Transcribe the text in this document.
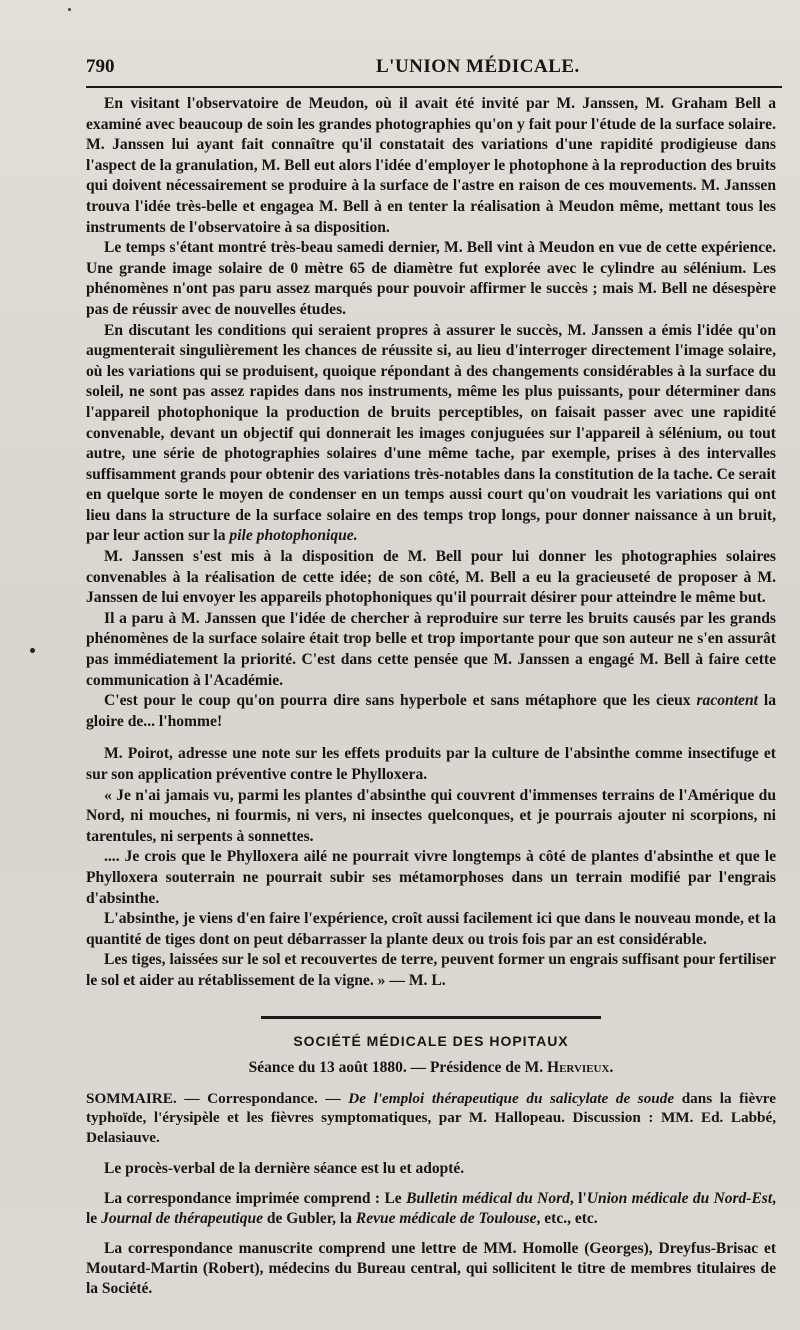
790	L'UNION MÉDICALE.

En visitant l'observatoire de Meudon, où il avait été invité par M. Janssen, M. Graham Bell a examiné avec beaucoup de soin les grandes photographies qu'on y fait pour l'étude de la surface solaire. M. Janssen lui ayant fait connaître qu'il constatait des variations d'une rapidité prodigieuse dans l'aspect de la granulation, M. Bell eut alors l'idée d'employer le photophone à la reproduction des bruits qui doivent nécessairement se produire à la surface de l'astre en raison de ces mouvements. M. Janssen trouva l'idée très-belle et engagea M. Bell à en tenter la réalisation à Meudon même, mettant tous les instruments de l'observatoire à sa disposition.

Le temps s'étant montré très-beau samedi dernier, M. Bell vint à Meudon en vue de cette expérience. Une grande image solaire de 0 mètre 65 de diamètre fut explorée avec le cylindre au sélénium. Les phénomènes n'ont pas paru assez marqués pour pouvoir affirmer le succès ; mais M. Bell ne désespère pas de réussir avec de nouvelles études.

En discutant les conditions qui seraient propres à assurer le succès, M. Janssen a émis l'idée qu'on augmenterait singulièrement les chances de réussite si, au lieu d'interroger directement l'image solaire, où les variations qui se produisent, quoique répondant à des changements considérables à la surface du soleil, ne sont pas assez rapides dans nos instruments, même les plus puissants, pour déterminer dans l'appareil photophonique la production de bruits perceptibles, on faisait passer avec une rapidité convenable, devant un objectif qui donnerait les images conjuguées sur l'appareil à sélénium, ou tout autre, une série de photographies solaires d'une même tache, par exemple, prises à des intervalles suffisamment grands pour obtenir des variations très-notables dans la constitution de la tache. Ce serait en quelque sorte le moyen de condenser en un temps aussi court qu'on voudrait les variations qui ont lieu dans la structure de la surface solaire en des temps trop longs, pour donner naissance à un bruit, par leur action sur la pile photophonique.

M. Janssen s'est mis à la disposition de M. Bell pour lui donner les photographies solaires convenables à la réalisation de cette idée; de son côté, M. Bell a eu la gracieuseté de proposer à M. Janssen de lui envoyer les appareils photophoniques qu'il pourrait désirer pour atteindre le même but.

Il a paru à M. Janssen que l'idée de chercher à reproduire sur terre les bruits causés par les grands phénomènes de la surface solaire était trop belle et trop importante pour que son auteur ne s'en assurât pas immédiatement la priorité. C'est dans cette pensée que M. Janssen a engagé M. Bell à faire cette communication à l'Académie.

C'est pour le coup qu'on pourra dire sans hyperbole et sans métaphore que les cieux racontent la gloire de... l'homme!

M. Poirot, adresse une note sur les effets produits par la culture de l'absinthe comme insectifuge et sur son application préventive contre le Phylloxera.

« Je n'ai jamais vu, parmi les plantes d'absinthe qui couvrent d'immenses terrains de l'Amérique du Nord, ni mouches, ni fourmis, ni vers, ni insectes quelconques, et je pourrais ajouter ni scorpions, ni tarentules, ni serpents à sonnettes.

.... Je crois que le Phylloxera ailé ne pourrait vivre longtemps à côté de plantes d'absinthe et que le Phylloxera souterrain ne pourrait subir ses métamorphoses dans un terrain modifié par l'engrais d'absinthe.

L'absinthe, je viens d'en faire l'expérience, croît aussi facilement ici que dans le nouveau monde, et la quantité de tiges dont on peut débarrasser la plante deux ou trois fois par an est considérable.

Les tiges, laissées sur le sol et recouvertes de terre, peuvent former un engrais suffisant pour fertiliser le sol et aider au rétablissement de la vigne. » — M. L.

SOCIÉTÉ MÉDICALE DES HOPITAUX
Séance du 13 août 1880. — Présidence de M. Hervieux.
SOMMAIRE. — Correspondance. — De l'emploi thérapeutique du salicylate de soude dans la fièvre typhoïde, l'érysipèle et les fièvres symptomatiques, par M. Hallopeau. Discussion : MM. Ed. Labbé, Delasiauve.

Le procès-verbal de la dernière séance est lu et adopté.

La correspondance imprimée comprend : Le Bulletin médical du Nord, l'Union médicale du Nord-Est, le Journal de thérapeutique de Gubler, la Revue médicale de Toulouse, etc., etc.

La correspondance manuscrite comprend une lettre de MM. Homolle (Georges), Dreyfus-Brisac et Moutard-Martin (Robert), médecins du Bureau central, qui sollicitent le titre de membres titulaires de la Société.
